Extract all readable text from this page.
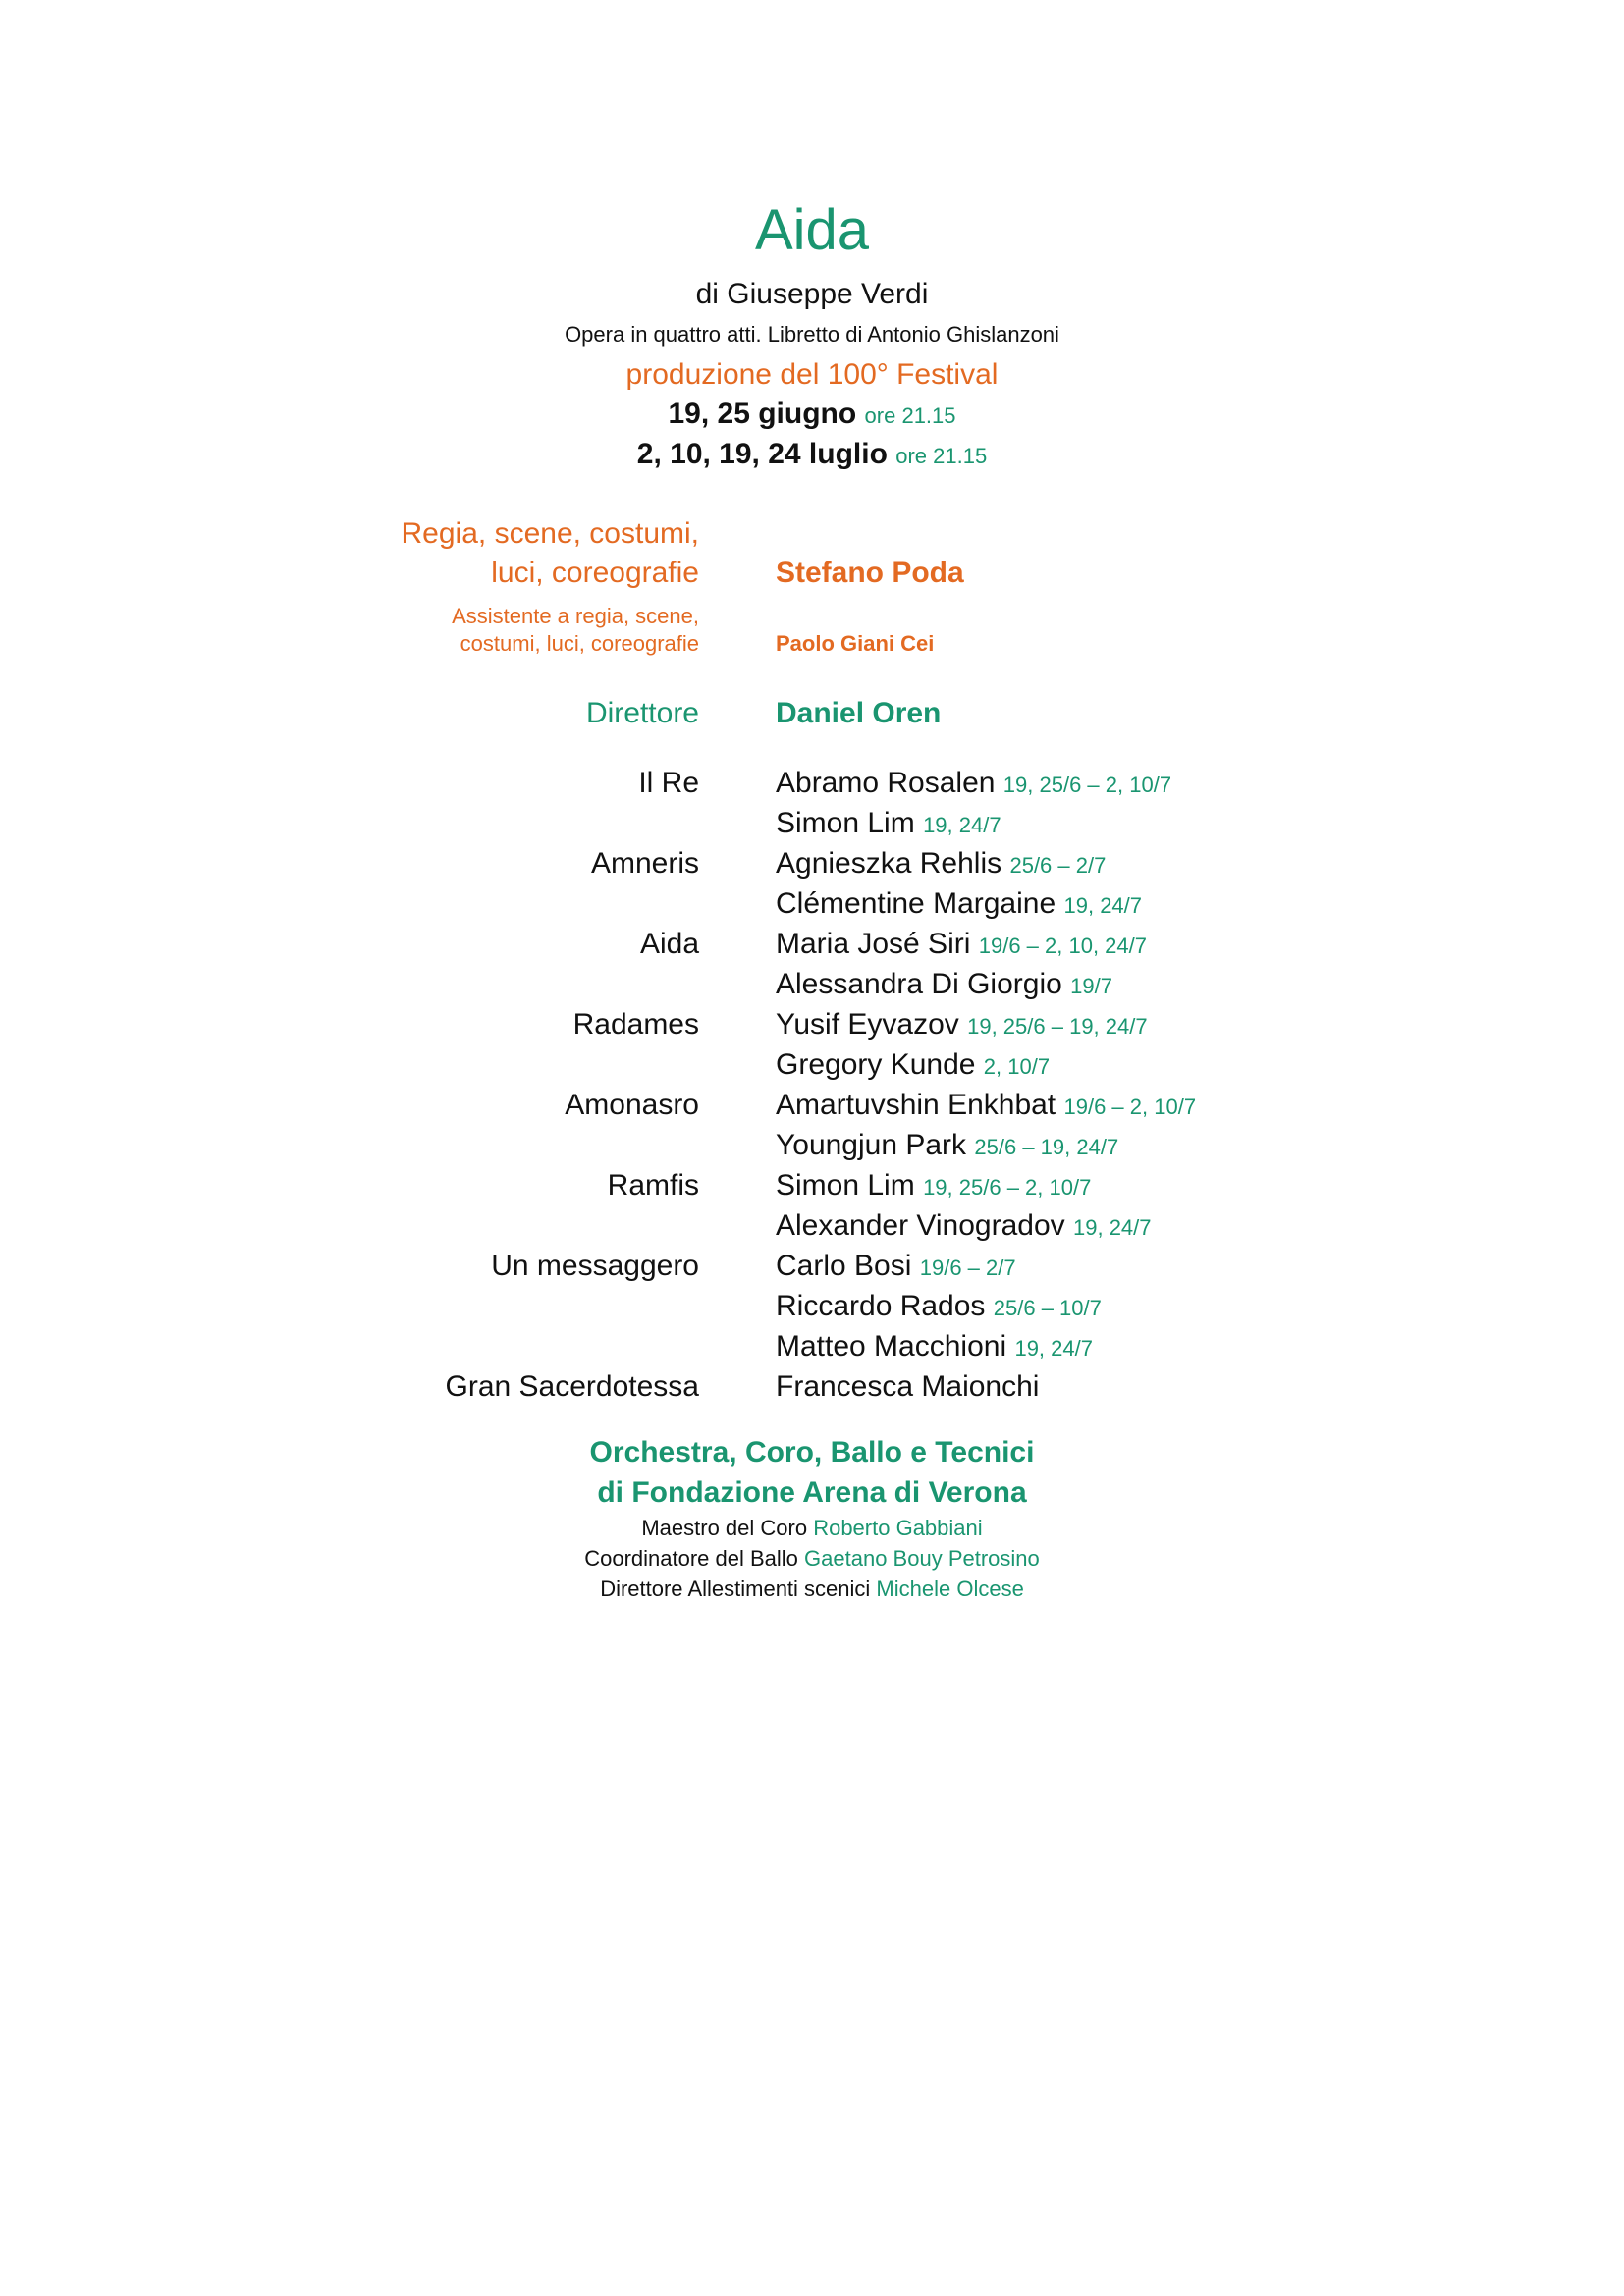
Aida
di Giuseppe Verdi
Opera in quattro atti. Libretto di Antonio Ghislanzoni
produzione del 100° Festival
19, 25 giugno ore 21.15
2, 10, 19, 24 luglio ore 21.15
Regia, scene, costumi,
luci, coreografie	Stefano Poda
Assistente a regia, scene,
costumi, luci, coreografie	Paolo Giani Cei
Direttore	Daniel Oren
Il Re	Abramo Rosalen 19, 25/6 – 2, 10/7
Simon Lim 19, 24/7
Amneris	Agnieszka Rehlis 25/6 – 2/7
Clémentine Margaine 19, 24/7
Aida	Maria José Siri 19/6 – 2, 10, 24/7
Alessandra Di Giorgio 19/7
Radames	Yusif Eyvazov 19, 25/6 – 19, 24/7
Gregory Kunde 2, 10/7
Amonasro	Amartuvshin Enkhbat 19/6 – 2, 10/7
Youngjun Park 25/6 – 19, 24/7
Ramfis	Simon Lim 19, 25/6 – 2, 10/7
Alexander Vinogradov 19, 24/7
Un messaggero	Carlo Bosi 19/6 – 2/7
Riccardo Rados 25/6 – 10/7
Matteo Macchioni 19, 24/7
Gran Sacerdotessa	Francesca Maionchi
Orchestra, Coro, Ballo e Tecnici
di Fondazione Arena di Verona
Maestro del Coro Roberto Gabbiani
Coordinatore del Ballo Gaetano Bouy Petrosino
Direttore Allestimenti scenici Michele Olcese
